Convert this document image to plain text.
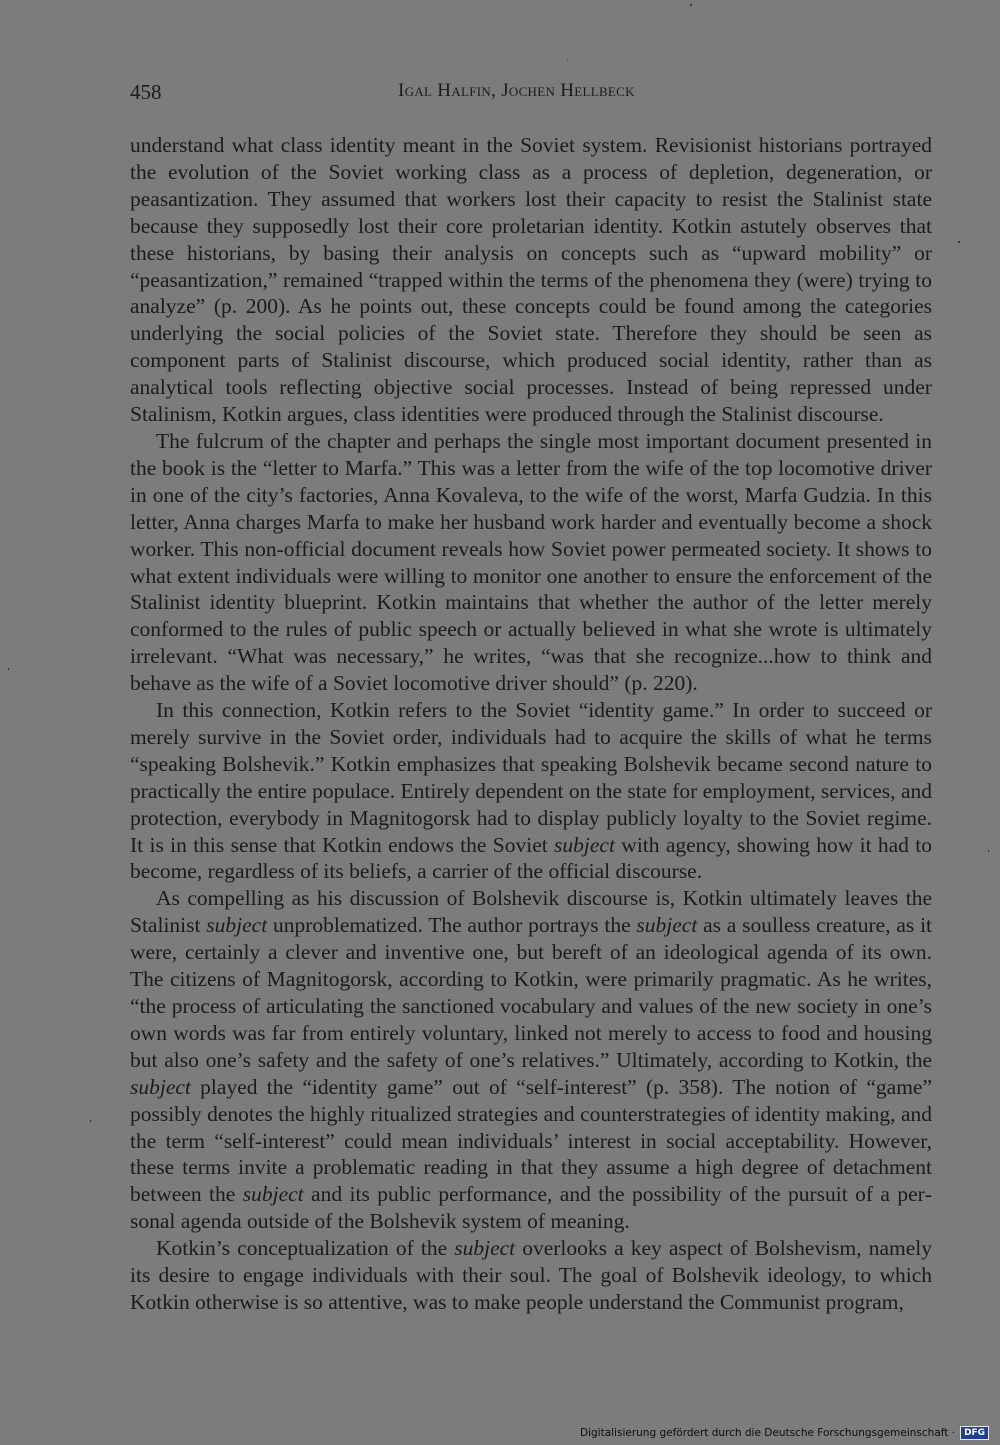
458	Igal Halfin, Jochen Hellbeck

understand what class identity meant in the Soviet system. Revisionist historians portrayed the evolution of the Soviet working class as a process of depletion, degeneration, or peasantization. They assumed that workers lost their capacity to resist the Stalinist state because they supposedly lost their core proletarian identity. Kotkin astutely observes that these historians, by basing their analysis on concepts such as “upward mobility” or “peasantization,” remained “trapped within the terms of the phenomena they (were) trying to analyze” (p. 200). As he points out, these concepts could be found among the categories underlying the social policies of the Soviet state. Therefore they should be seen as component parts of Stalinist discourse, which produced social identity, rather than as analytical tools reflecting objective social processes. Instead of being repressed under Stalinism, Kotkin argues, class identities were produced through the Stalinist discourse.

The fulcrum of the chapter and perhaps the single most important document presented in the book is the “letter to Marfa.” This was a letter from the wife of the top locomotive driver in one of the city’s factories, Anna Kovaleva, to the wife of the worst, Marfa Gudzia. In this letter, Anna charges Marfa to make her husband work harder and eventually become a shock worker. This non-official document reveals how Soviet power permeated society. It shows to what extent individuals were willing to monitor one another to ensure the enforcement of the Stalinist identity blueprint. Kotkin maintains that whether the author of the letter merely conformed to the rules of public speech or actually believed in what she wrote is ultimately irrelevant. “What was necessary,” he writes, “was that she recognize...how to think and behave as the wife of a Soviet locomotive driver should” (p. 220).

In this connection, Kotkin refers to the Soviet “identity game.” In order to succeed or merely survive in the Soviet order, individuals had to acquire the skills of what he terms “speaking Bolshevik.” Kotkin emphasizes that speaking Bolshevik became second nature to practically the entire populace. Entirely dependent on the state for employment, services, and protection, everybody in Magnitogorsk had to display publicly loyalty to the Soviet regime. It is in this sense that Kotkin endows the Soviet subject with agency, showing how it had to become, regardless of its beliefs, a carrier of the official discourse.

As compelling as his discussion of Bolshevik discourse is, Kotkin ultimately leaves the Stalinist subject unproblematized. The author portrays the subject as a soulless creature, as it were, certainly a clever and inventive one, but bereft of an ideological agenda of its own. The citizens of Magnitogorsk, according to Kotkin, were primarily pragmatic. As he writes, “the process of articulating the sanctioned vocabulary and values of the new society in one’s own words was far from entirely voluntary, linked not merely to access to food and housing but also one’s safety and the safety of one’s relatives.” Ultimately, according to Kotkin, the subject played the “identity game” out of “self-interest” (p. 358). The notion of “game” possibly denotes the highly ritualized strategies and counterstrategies of identity making, and the term “self-interest” could mean individuals’ interest in social acceptability. However, these terms invite a problematic reading in that they assume a high degree of detachment between the subject and its public performance, and the possibility of the pursuit of a personal agenda outside of the Bolshevik system of meaning.

Kotkin’s conceptualization of the subject overlooks a key aspect of Bolshevism, namely its desire to engage individuals with their soul. The goal of Bolshevik ideology, to which Kotkin otherwise is so attentive, was to make people understand the Communist program,

Digitalisierung gefördert durch die Deutsche Forschungsgemeinschaft ·	DFG
